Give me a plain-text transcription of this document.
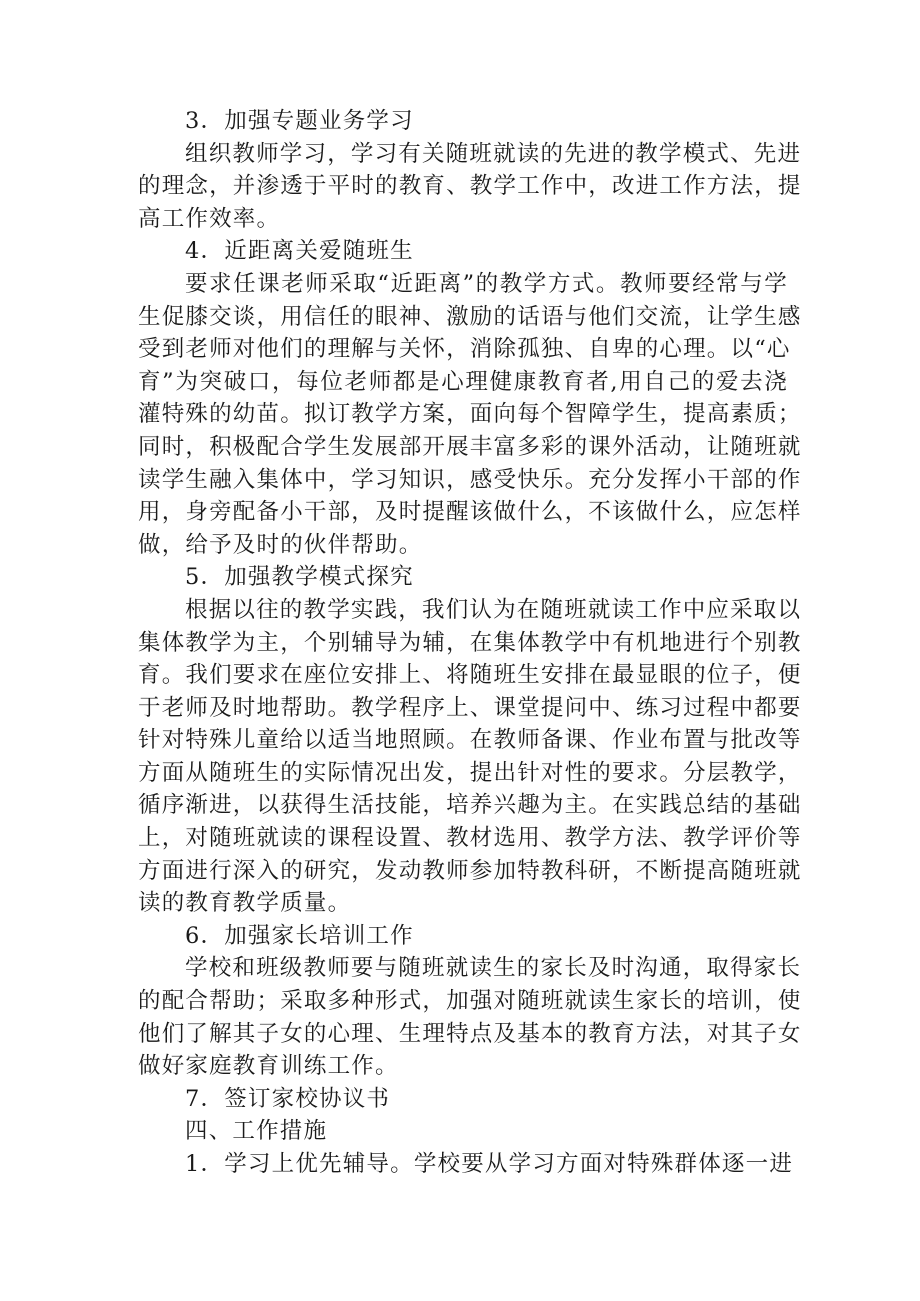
3．加强专题业务学习
组织教师学习，学习有关随班就读的先进的教学模式、先进
的理念，并渗透于平时的教育、教学工作中，改进工作方法，提
高工作效率。
4．近距离关爱随班生
要求任课老师采取“近距离”的教学方式。教师要经常与学
生促膝交谈，用信任的眼神、激励的话语与他们交流，让学生感
受到老师对他们的理解与关怀，消除孤独、自卑的心理。以“心
育”为突破口，每位老师都是心理健康教育者,用自己的爱去浇
灌特殊的幼苗。拟订教学方案，面向每个智障学生，提高素质；
同时，积极配合学生发展部开展丰富多彩的课外活动，让随班就
读学生融入集体中，学习知识，感受快乐。充分发挥小干部的作
用，身旁配备小干部，及时提醒该做什么，不该做什么，应怎样
做，给予及时的伙伴帮助。
5．加强教学模式探究
根据以往的教学实践，我们认为在随班就读工作中应采取以
集体教学为主，个别辅导为辅，在集体教学中有机地进行个别教
育。我们要求在座位安排上、将随班生安排在最显眼的位子，便
于老师及时地帮助。教学程序上、课堂提问中、练习过程中都要
针对特殊儿童给以适当地照顾。在教师备课、作业布置与批改等
方面从随班生的实际情况出发，提出针对性的要求。分层教学，
循序渐进，以获得生活技能，培养兴趣为主。在实践总结的基础
上，对随班就读的课程设置、教材选用、教学方法、教学评价等
方面进行深入的研究，发动教师参加特教科研，不断提高随班就
读的教育教学质量。
6．加强家长培训工作
学校和班级教师要与随班就读生的家长及时沟通，取得家长
的配合帮助；采取多种形式，加强对随班就读生家长的培训，使
他们了解其子女的心理、生理特点及基本的教育方法，对其子女
做好家庭教育训练工作。
7．签订家校协议书
四、工作措施
1．学习上优先辅导。学校要从学习方面对特殊群体逐一进
